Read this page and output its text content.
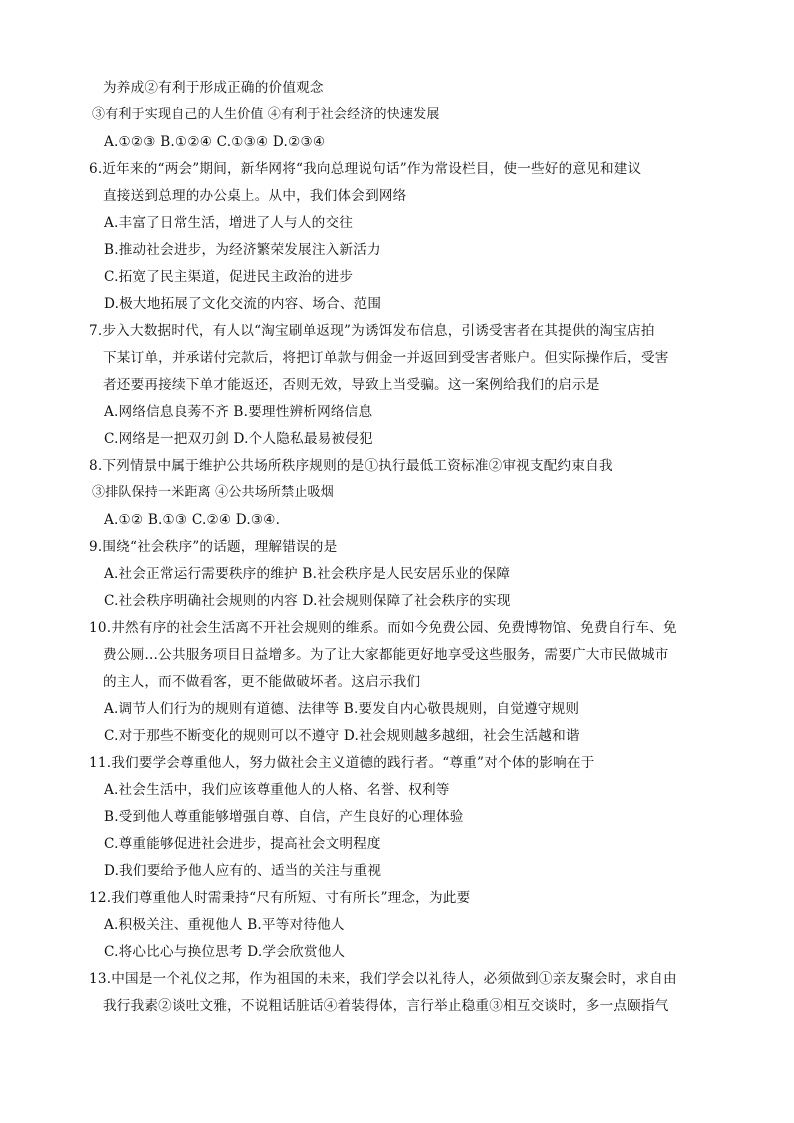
为养成②有利于形成正确的价值观念
③有利于实现自己的人生价值 ④有利于社会经济的快速发展
A.①②③ B.①②④ C.①③④ D.②③④
6.近年来的“两会”期间，新华网将“我向总理说句话”作为常设栏目，使一些好的意见和建议
直接送到总理的办公桌上。从中，我们体会到网络
A.丰富了日常生活，增进了人与人的交往
B.推动社会进步，为经济繁荣发展注入新活力
C.拓宽了民主渠道，促进民主政治的进步
D.极大地拓展了文化交流的内容、场合、范围
7.步入大数据时代，有人以“淘宝刷单返现”为诱饵发布信息，引诱受害者在其提供的淘宝店拍
下某订单，并承诺付完款后，将把订单款与佣金一并返回到受害者账户。但实际操作后，受害
者还要再接续下单才能返还，否则无效，导致上当受骗。这一案例给我们的启示是
A.网络信息良莠不齐 B.要理性辨析网络信息
C.网络是一把双刃剑 D.个人隐私最易被侵犯
8.下列情景中属于维护公共场所秩序规则的是①执行最低工资标准②审视支配约束自我
③排队保持一米距离 ④公共场所禁止吸烟
A.①② B.①③ C.②④ D.③④.
9.围绕“社会秩序”的话题，理解错误的是
A.社会正常运行需要秩序的维护 B.社会秩序是人民安居乐业的保障
C.社会秩序明确社会规则的内容 D.社会规则保障了社会秩序的实现
10.井然有序的社会生活离不开社会规则的维系。而如今免费公园、免费博物馆、免费自行车、免
费公厕…公共服务项目日益增多。为了让大家都能更好地享受这些服务，需要广大市民做城市
的主人，而不做看客，更不能做破坏者。这启示我们
A.调节人们行为的规则有道德、法律等 B.要发自内心敬畏规则，自觉遵守规则
C.对于那些不断变化的规则可以不遵守 D.社会规则越多越细，社会生活越和谐
11.我们要学会尊重他人，努力做社会主义道德的践行者。“尊重”对个体的影响在于
A.社会生活中，我们应该尊重他人的人格、名誉、权利等
B.受到他人尊重能够增强自尊、自信，产生良好的心理体验
C.尊重能够促进社会进步，提高社会文明程度
D.我们要给予他人应有的、适当的关注与重视
12.我们尊重他人时需秉持“尺有所短、寸有所长”理念，为此要
A.积极关注、重视他人 B.平等对待他人
C.将心比心与换位思考 D.学会欣赏他人
13.中国是一个礼仪之邦，作为祖国的未来，我们学会以礼待人，必须做到①亲友聚会时，求自由
我行我素②谈吐文雅，不说粗话脏话④着装得体，言行举止稳重③相互交谈时，多一点颐指气
